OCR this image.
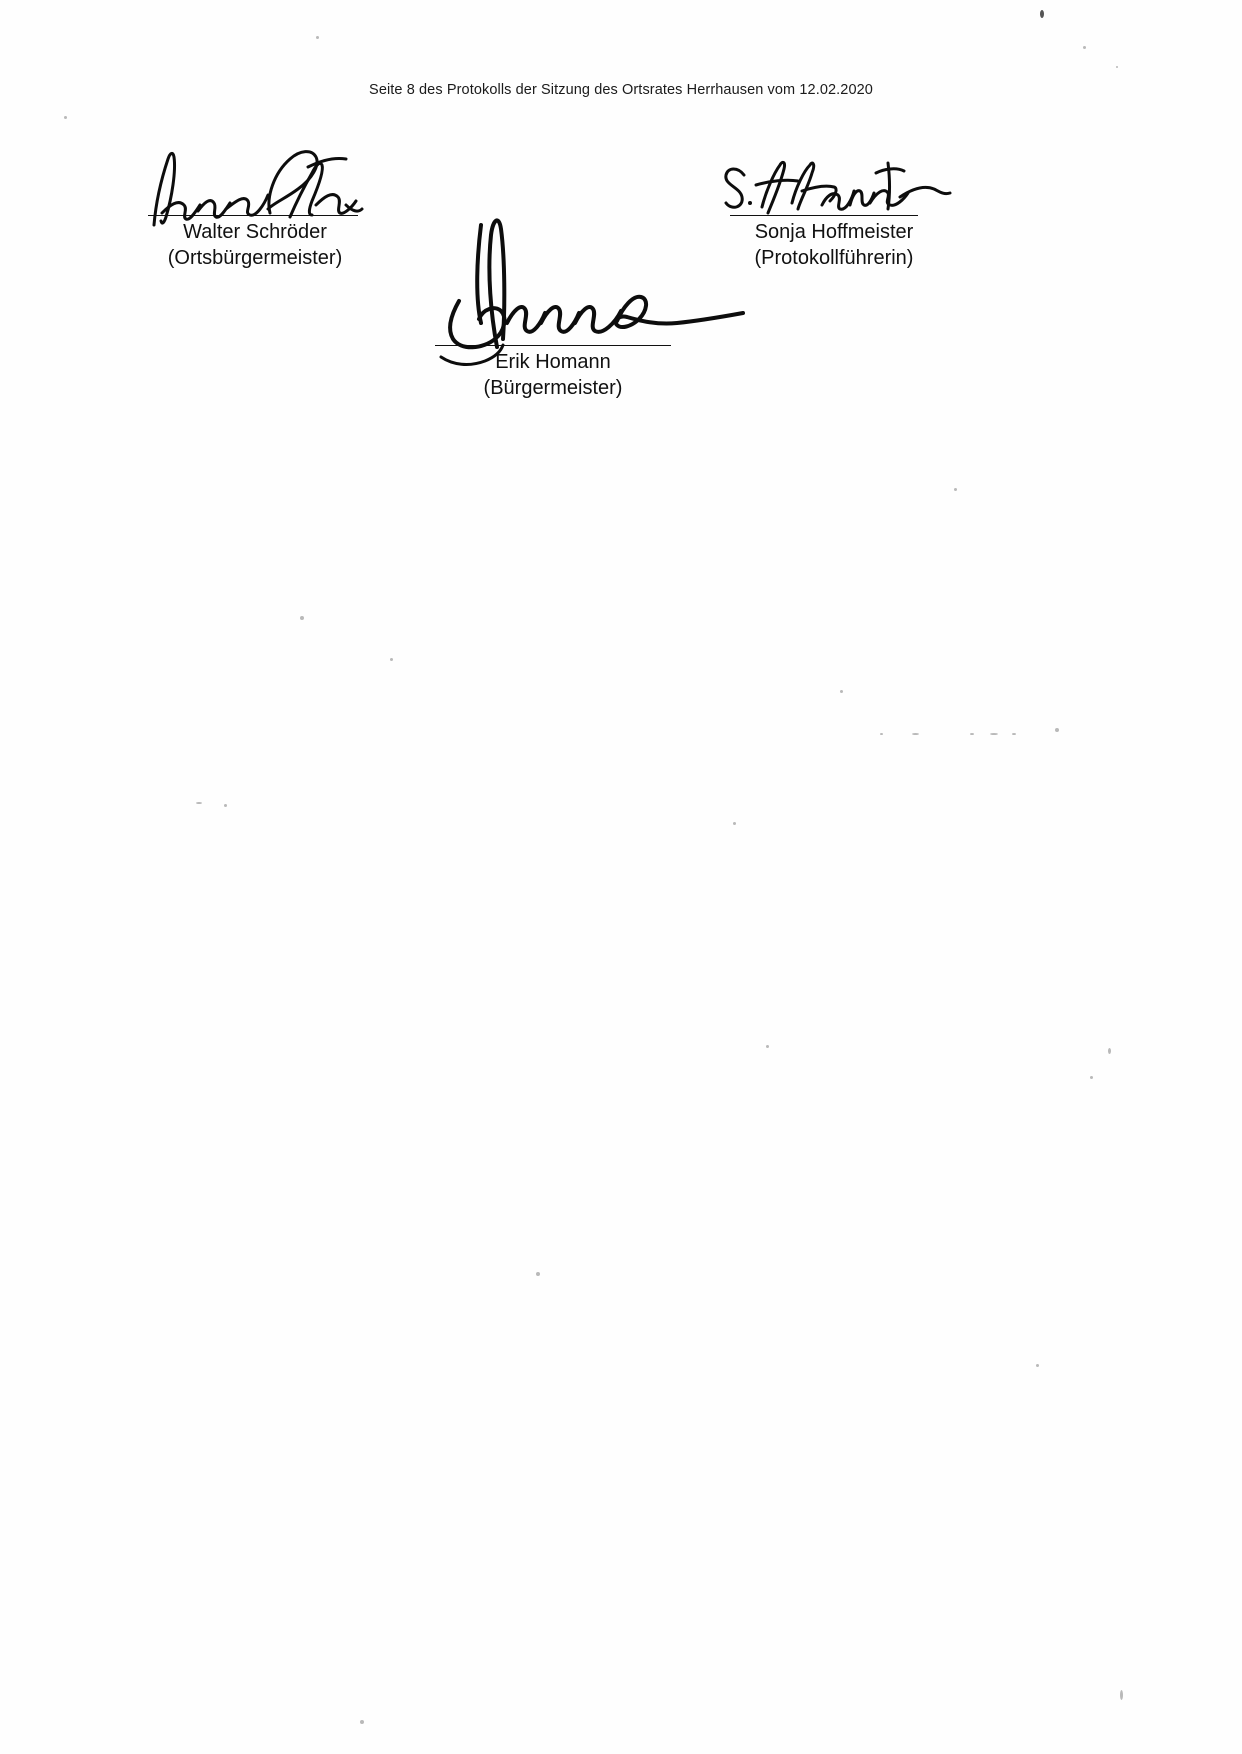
Seite 8 des Protokolls der Sitzung des Ortsrates Herrhausen vom 12.02.2020
Walter Schröder
(Ortsbürgermeister)
Sonja Hoffmeister
(Protokollführerin)
Erik Homann
(Bürgermeister)
